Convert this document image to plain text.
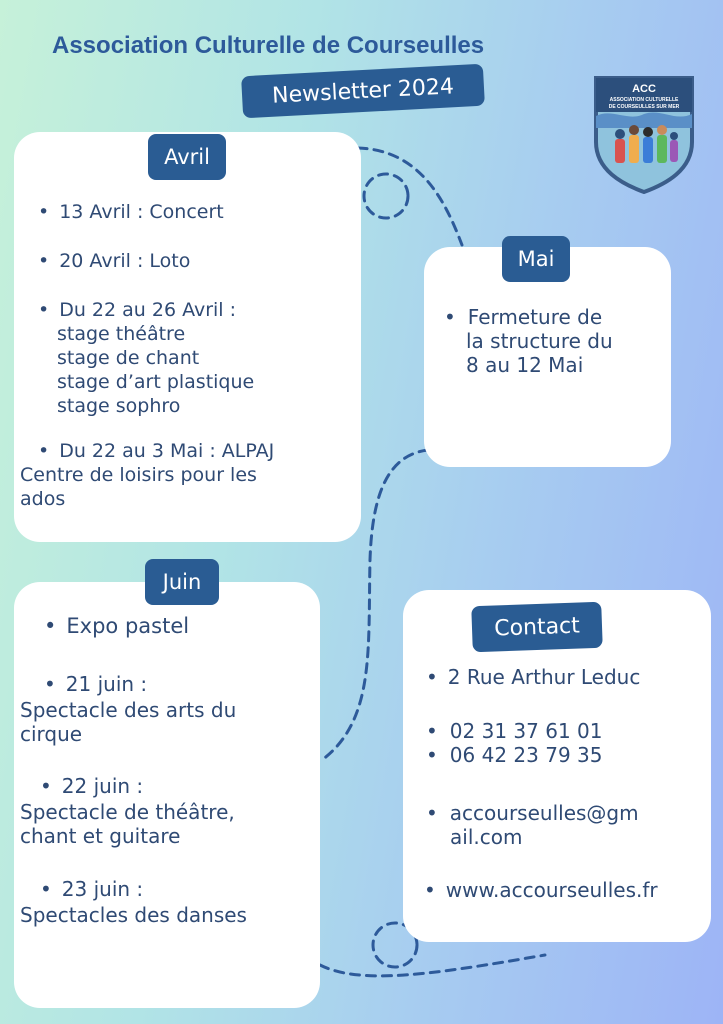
Association Culturelle de Courseulles
Newsletter 2024	ACC
ASSOCIATION CULTURELLE
DE COURSEULLES SUR MER
Avril
• 13 Avril : Concert
• 20 Avril : Loto
• Du 22 au 26 Avril :
stage théâtre
stage de chant
stage d’art plastique
stage sophro
• Du 22 au 3 Mai : ALPAJ
Centre de loisirs pour les
ados
Mai
• Fermeture de
la structure du
8 au 12 Mai
Juin
• Expo pastel
• 21 juin :
Spectacle des arts du
cirque
• 22 juin :
Spectacle de théâtre,
chant et guitare
• 23 juin :
Spectacles des danses
Contact
• 2 Rue Arthur Leduc
• 02 31 37 61 01
• 06 42 23 79 35
• accourseulles@gm
ail.com
• www.accourseulles.fr
